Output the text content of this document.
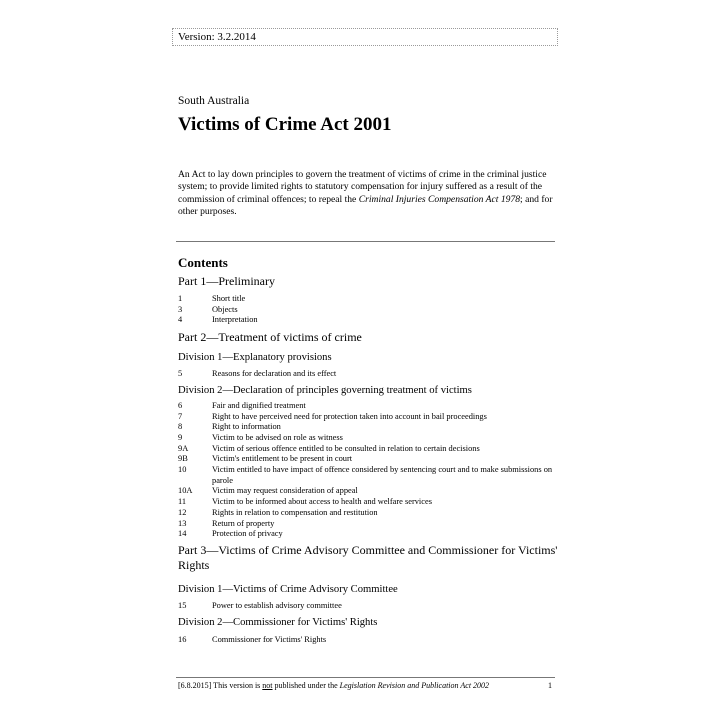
Version: 3.2.2014
South Australia
Victims of Crime Act 2001

An Act to lay down principles to govern the treatment of victims of crime in the criminal justice system; to provide limited rights to statutory compensation for injury suffered as a result of the commission of criminal offences; to repeal the Criminal Injuries Compensation Act 1978; and for other purposes.

Contents

Part 1—Preliminary

1	Short title
3	Objects
4	Interpretation

Part 2—Treatment of victims of crime

Division 1—Explanatory provisions

5	Reasons for declaration and its effect

Division 2—Declaration of principles governing treatment of victims

6	Fair and dignified treatment
7	Right to have perceived need for protection taken into account in bail proceedings
8	Right to information
9	Victim to be advised on role as witness
9A	Victim of serious offence entitled to be consulted in relation to certain decisions
9B	Victim's entitlement to be present in court
10	Victim entitled to have impact of offence considered by sentencing court and to make submissions on parole
10A	Victim may request consideration of appeal
11	Victim to be informed about access to health and welfare services
12	Rights in relation to compensation and restitution
13	Return of property
14	Protection of privacy

Part 3—Victims of Crime Advisory Committee and Commissioner for Victims' Rights

Division 1—Victims of Crime Advisory Committee

15	Power to establish advisory committee

Division 2—Commissioner for Victims' Rights

16	Commissioner for Victims' Rights
[6.8.2015] This version is not published under the Legislation Revision and Publication Act 2002	1
